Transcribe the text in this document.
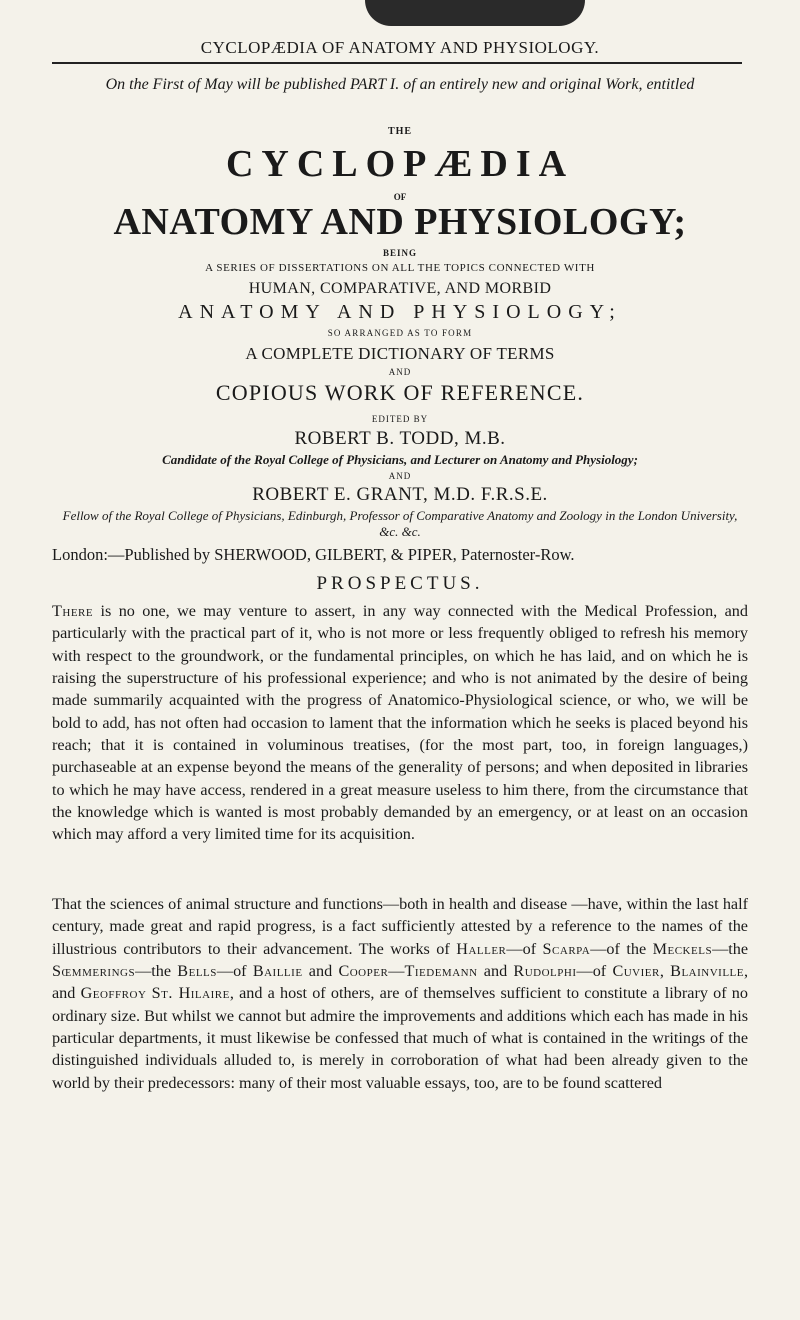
CYCLOPÆDIA OF ANATOMY AND PHYSIOLOGY.
On the First of May will be published PART I. of an entirely new and original Work, entitled
THE
CYCLOPÆDIA
OF
ANATOMY AND PHYSIOLOGY;
BEING
A SERIES OF DISSERTATIONS ON ALL THE TOPICS CONNECTED WITH
HUMAN, COMPARATIVE, AND MORBID
ANATOMY AND PHYSIOLOGY;
SO ARRANGED AS TO FORM
A COMPLETE DICTIONARY OF TERMS
AND
COPIOUS WORK OF REFERENCE.
EDITED BY
ROBERT B. TODD, M.B.
Candidate of the Royal College of Physicians, and Lecturer on Anatomy and Physiology;
AND
ROBERT E. GRANT, M.D. F.R.S.E.
Fellow of the Royal College of Physicians, Edinburgh, Professor of Comparative Anatomy and Zoology in the London University, &c. &c.
London:—Published by SHERWOOD, GILBERT, & PIPER, Paternoster-Row.
PROSPECTUS.
There is no one, we may venture to assert, in any way connected with the Medical Profession, and particularly with the practical part of it, who is not more or less frequently obliged to refresh his memory with respect to the groundwork, or the fundamental principles, on which he has laid, and on which he is raising the superstructure of his professional experience; and who is not animated by the desire of being made summarily acquainted with the progress of Anatomico-Physiological science, or who, we will be bold to add, has not often had occasion to lament that the information which he seeks is placed beyond his reach; that it is contained in voluminous treatises, (for the most part, too, in foreign languages,) purchaseable at an expense beyond the means of the generality of persons; and when deposited in libraries to which he may have access, rendered in a great measure useless to him there, from the circumstance that the knowledge which is wanted is most probably demanded by an emergency, or at least on an occasion which may afford a very limited time for its acquisition.
That the sciences of animal structure and functions—both in health and disease —have, within the last half century, made great and rapid progress, is a fact sufficiently attested by a reference to the names of the illustrious contributors to their advancement. The works of Haller—of Scarpa—of the Meckels—the Sœmmerings—the Bells—of Baillie and Cooper—Tiedemann and Rudolphi—of Cuvier, Blainville, and Geoffroy St. Hilaire, and a host of others, are of themselves sufficient to constitute a library of no ordinary size. But whilst we cannot but admire the improvements and additions which each has made in his particular departments, it must likewise be confessed that much of what is contained in the writings of the distinguished individuals alluded to, is merely in corroboration of what had been already given to the world by their predecessors: many of their most valuable essays, too, are to be found scattered
